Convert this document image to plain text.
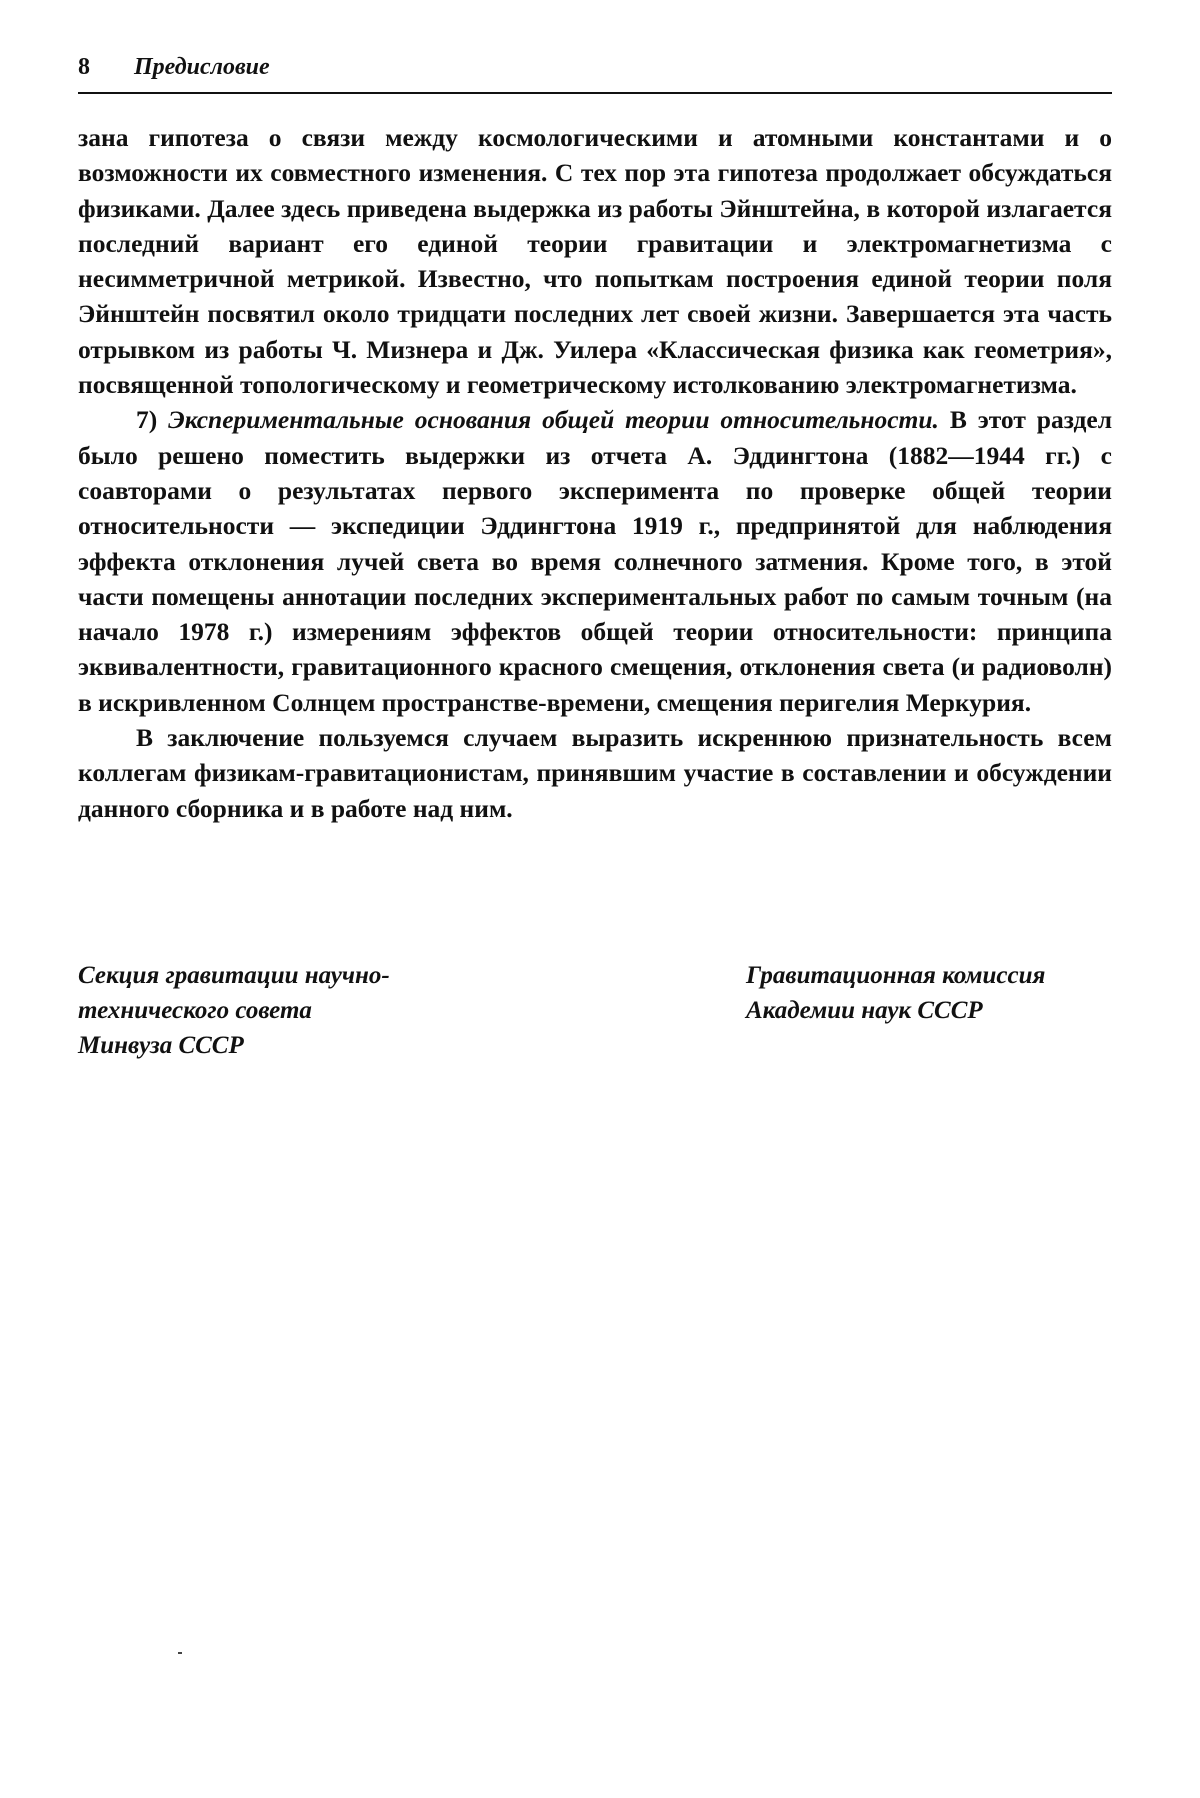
8 Предисловие

зана гипотеза о связи между космологическими и атомными константами и о возможности их совместного изменения. С тех пор эта гипотеза продолжает обсуждаться физиками. Далее здесь приведена выдержка из работы Эйнштейна, в которой излагается последний вариант его единой теории гравитации и электромагнетизма с несимметричной метрикой. Известно, что попыткам построения единой теории поля Эйнштейн посвятил около тридцати последних лет своей жизни. Завершается эта часть отрывком из работы Ч. Мизнера и Дж. Уилера «Классическая физика как геометрия», посвященной топологическому и геометрическому истолкованию электромагнетизма.

7) Экспериментальные основания общей теории относительности. В этот раздел было решено поместить выдержки из отчета А. Эддингтона (1882—1944 гг.) с соавторами о результатах первого эксперимента по проверке общей теории относительности — экспедиции Эддингтона 1919 г., предпринятой для наблюдения эффекта отклонения лучей света во время солнечного затмения. Кроме того, в этой части помещены аннотации последних экспериментальных работ по самым точным (на начало 1978 г.) измерениям эффектов общей теории относительности: принципа эквивалентности, гравитационного красного смещения, отклонения света (и радиоволн) в искривленном Солнцем пространстве-времени, смещения перигелия Меркурия.

В заключение пользуемся случаем выразить искреннюю признательность всем коллегам физикам-гравитационистам, принявшим участие в составлении и обсуждении данного сборника и в работе над ним.

Секция гравитации научно-
технического совета
Минвуза СССР
Гравитационная комиссия
Академии наук СССР
